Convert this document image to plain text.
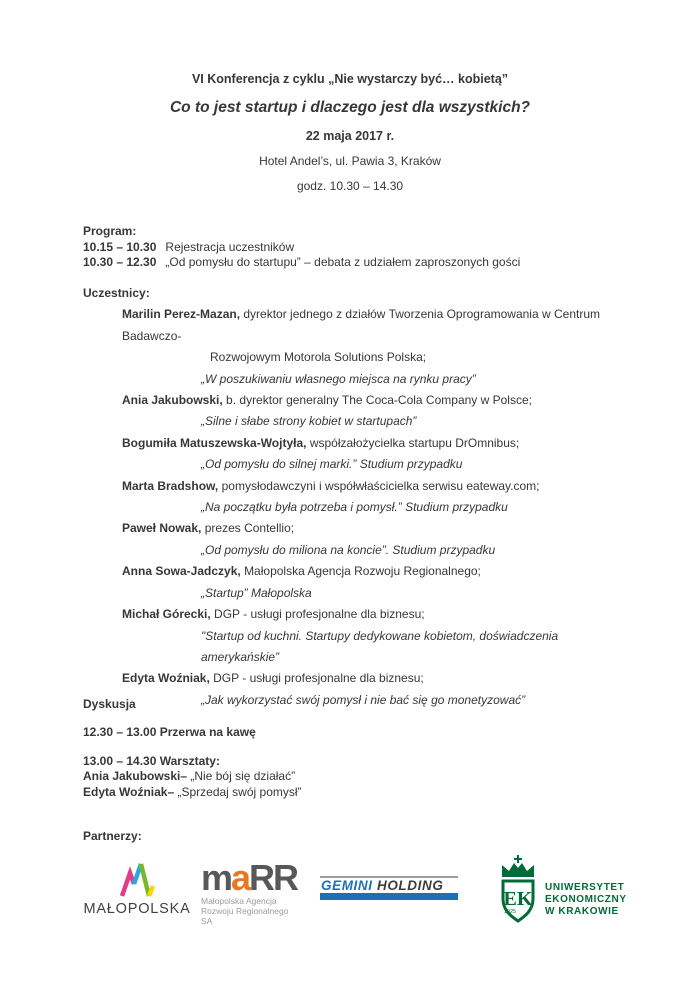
VI Konferencja z cyklu „Nie wystarczy być… kobietą”
Co to jest startup i dlaczego jest dla wszystkich?
22 maja 2017 r.
Hotel Andel’s, ul. Pawia 3, Kraków
godz. 10.30 – 14.30
Program:
10.15 – 10.30 Rejestracja uczestników
10.30 – 12.30 „Od pomysłu do startupu” – debata z udziałem zaproszonych gości
Uczestnicy:
Marilin Perez-Mazan, dyrektor jednego z działów Tworzenia Oprogramowania w Centrum Badawczo-
Rozwojowym Motorola Solutions Polska;
„W poszukiwaniu własnego miejsca na rynku pracy”
Ania Jakubowski, b. dyrektor generalny The Coca-Cola Company w Polsce;
„Silne i słabe strony kobiet w startupach”
Bogumiła Matuszewska-Wojtyła, współzałożycielka startupu DrOmnibus;
„Od pomysłu do silnej marki.” Studium przypadku
Marta Bradshow, pomysłodawczyni i współwłaścicielka serwisu eateway.com;
„Na początku była potrzeba i pomysł.” Studium przypadku
Paweł Nowak, prezes Contellio;
„Od pomysłu do miliona na koncie”. Studium przypadku
Anna Sowa-Jadczyk, Małopolska Agencja Rozwoju Regionalnego;
„Startup” Małopolska
Michał Górecki, DGP - usługi profesjonalne dla biznesu;
"Startup od kuchni. Startupy dedykowane kobietom, doświadczenia
amerykańskie”
Edyta Woźniak, DGP - usługi profesjonalne dla biznesu;
„Jak wykorzystać swój pomysł i nie bać się go monetyzować”
Dyskusja
12.30 – 13.00 Przerwa na kawę
13.00 – 14.30 Warsztaty:
Ania Jakubowski– „Nie bój się działać”
Edyta Woźniak– „Sprzedaj swój pomysł”
Partnerzy:
MAŁOPOLSKA
maRR
Małopolska Agencja
Rozwoju Regionalnego SA
GEMINI HOLDING
EK
1925
UNIWERSYTET
EKONOMICZNY
W KRAKOWIE
